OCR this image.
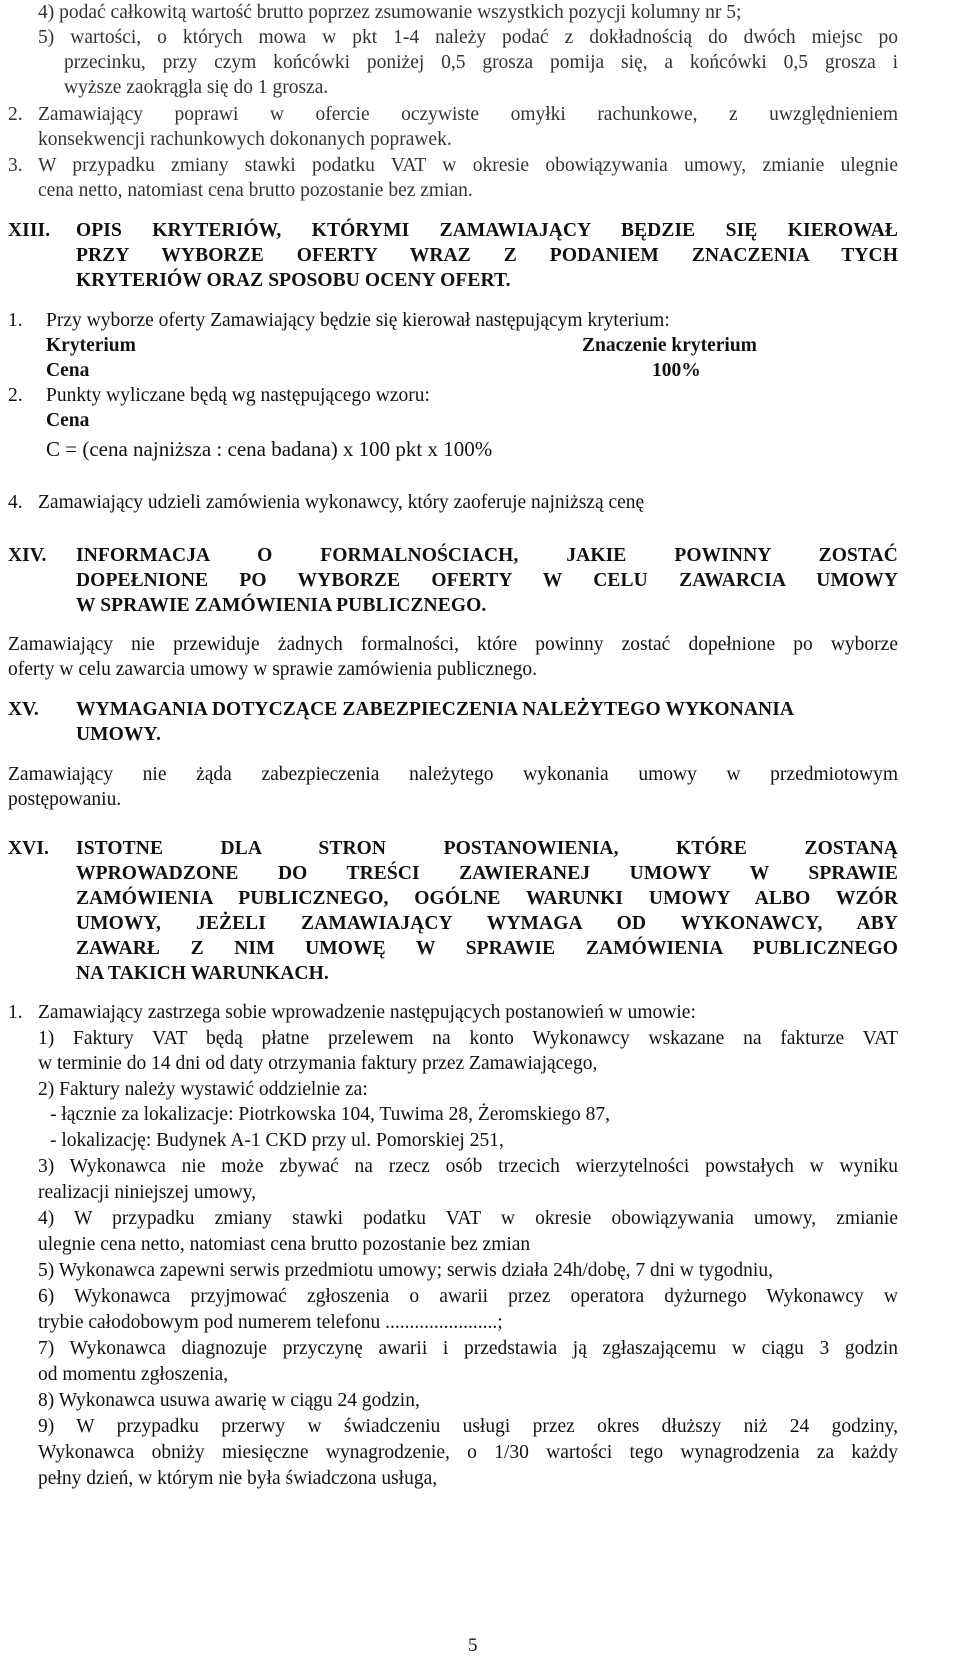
4) podać całkowitą wartość brutto poprzez zsumowanie wszystkich pozycji kolumny nr 5;
5) wartości, o których mowa w pkt 1-4 należy podać z dokładnością do dwóch miejsc po
przecinku, przy czym końcówki poniżej 0,5 grosza pomija się, a końcówki 0,5 grosza i
wyższe zaokrągla się do 1 grosza.
2. Zamawiający poprawi w ofercie oczywiste omyłki rachunkowe, z uwzględnieniem
konsekwencji rachunkowych dokonanych poprawek.
3. W przypadku zmiany stawki podatku VAT w okresie obowiązywania umowy, zmianie ulegnie
cena netto, natomiast cena brutto pozostanie bez zmian.
XIII. OPIS KRYTERIÓW, KTÓRYMI ZAMAWIAJĄCY BĘDZIE SIĘ KIEROWAŁ
PRZY WYBORZE OFERTY WRAZ Z PODANIEM ZNACZENIA TYCH
KRYTERIÓW ORAZ SPOSOBU OCENY OFERT.
1. Przy wyborze oferty Zamawiający będzie się kierował następującym kryterium:
Kryterium	Znaczenie kryterium
Cena	100%
2. Punkty wyliczane będą wg następującego wzoru:
Cena
C = (cena najniższa : cena badana) x 100 pkt x 100%
4. Zamawiający udzieli zamówienia wykonawcy, który zaoferuje najniższą cenę
XIV. INFORMACJA O FORMALNOŚCIACH, JAKIE POWINNY ZOSTAĆ
DOPEŁNIONE PO WYBORZE OFERTY W CELU ZAWARCIA UMOWY
W SPRAWIE ZAMÓWIENIA PUBLICZNEGO.
Zamawiający nie przewiduje żadnych formalności, które powinny zostać dopełnione po wyborze
oferty w celu zawarcia umowy w sprawie zamówienia publicznego.
XV. WYMAGANIA DOTYCZĄCE ZABEZPIECZENIA NALEŻYTEGO WYKONANIA
UMOWY.
Zamawiający nie żąda zabezpieczenia należytego wykonania umowy w przedmiotowym
postępowaniu.
XVI. ISTOTNE DLA STRON POSTANOWIENIA, KTÓRE ZOSTANĄ
WPROWADZONE DO TREŚCI ZAWIERANEJ UMOWY W SPRAWIE
ZAMÓWIENIA PUBLICZNEGO, OGÓLNE WARUNKI UMOWY ALBO WZÓR
UMOWY, JEŻELI ZAMAWIAJĄCY WYMAGA OD WYKONAWCY, ABY
ZAWARŁ Z NIM UMOWĘ W SPRAWIE ZAMÓWIENIA PUBLICZNEGO
NA TAKICH WARUNKACH.
1. Zamawiający zastrzega sobie wprowadzenie następujących postanowień w umowie:
1) Faktury VAT będą płatne przelewem na konto Wykonawcy wskazane na fakturze VAT
w terminie do 14 dni od daty otrzymania faktury przez Zamawiającego,
2) Faktury należy wystawić oddzielnie za:
- łącznie za lokalizacje: Piotrkowska 104, Tuwima 28, Żeromskiego 87,
- lokalizację: Budynek A-1 CKD przy ul. Pomorskiej 251,
3) Wykonawca nie może zbywać na rzecz osób trzecich wierzytelności powstałych w wyniku
realizacji niniejszej umowy,
4) W przypadku zmiany stawki podatku VAT w okresie obowiązywania umowy, zmianie
ulegnie cena netto, natomiast cena brutto pozostanie bez zmian
5) Wykonawca zapewni serwis przedmiotu umowy; serwis działa 24h/dobę, 7 dni w tygodniu,
6) Wykonawca przyjmować zgłoszenia o awarii przez operatora dyżurnego Wykonawcy w
trybie całodobowym pod numerem telefonu .......................;
7) Wykonawca diagnozuje przyczynę awarii i przedstawia ją zgłaszającemu w ciągu 3 godzin
od momentu zgłoszenia,
8) Wykonawca usuwa awarię w ciągu 24 godzin,
9) W przypadku przerwy w świadczeniu usługi przez okres dłuższy niż 24 godziny,
Wykonawca obniży miesięczne wynagrodzenie, o 1/30 wartości tego wynagrodzenia za każdy
pełny dzień, w którym nie była świadczona usługa,
5
